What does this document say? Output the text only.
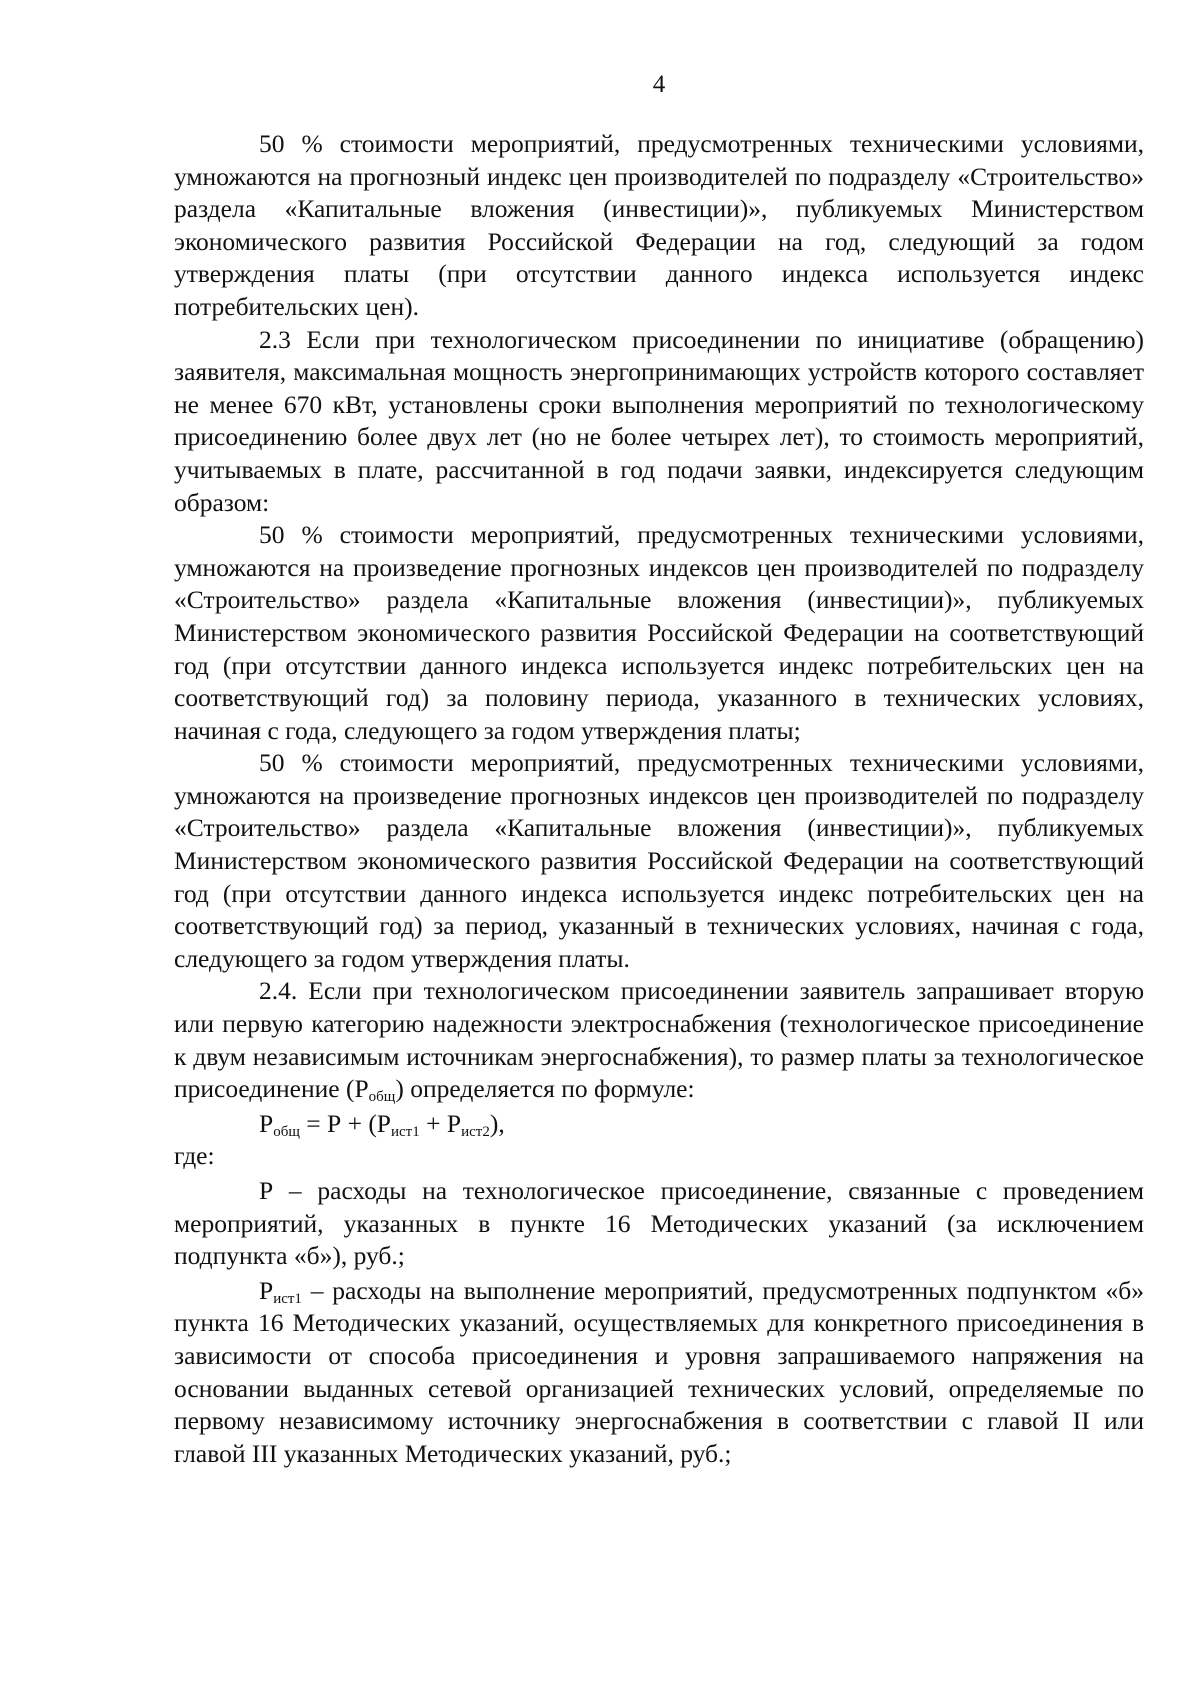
4

50 % стоимости мероприятий, предусмотренных техническими условиями, умножаются на прогнозный индекс цен производителей по подразделу «Строительство» раздела «Капитальные вложения (инвестиции)», публикуемых Министерством экономического развития Российской Федерации на год, следующий за годом утверждения платы (при отсутствии данного индекса используется индекс потребительских цен).

2.3 Если при технологическом присоединении по инициативе (обращению) заявителя, максимальная мощность энергопринимающих устройств которого составляет не менее 670 кВт, установлены сроки выполнения мероприятий по технологическому присоединению более двух лет (но не более четырех лет), то стоимость мероприятий, учитываемых в плате, рассчитанной в год подачи заявки, индексируется следующим образом:

50 % стоимости мероприятий, предусмотренных техническими условиями, умножаются на произведение прогнозных индексов цен производителей по подразделу «Строительство» раздела «Капитальные вложения (инвестиции)», публикуемых Министерством экономического развития Российской Федерации на соответствующий год (при отсутствии данного индекса используется индекс потребительских цен на соответствующий год) за половину периода, указанного в технических условиях, начиная с года, следующего за годом утверждения платы;

50 % стоимости мероприятий, предусмотренных техническими условиями, умножаются на произведение прогнозных индексов цен производителей по подразделу «Строительство» раздела «Капитальные вложения (инвестиции)», публикуемых Министерством экономического развития Российской Федерации на соответствующий год (при отсутствии данного индекса используется индекс потребительских цен на соответствующий год) за период, указанный в технических условиях, начиная с года, следующего за годом утверждения платы.

2.4. Если при технологическом присоединении заявитель запрашивает вторую или первую категорию надежности электроснабжения (технологическое присоединение к двум независимым источникам энергоснабжения), то размер платы за технологическое присоединение $(Р_{общ})$ определяется по формуле:

$Р_{общ} = Р + (Р_{ист1} + Р_{ист2})$,

где:

Р – расходы на технологическое присоединение, связанные с проведением мероприятий, указанных в пункте 16 Методических указаний (за исключением подпункта «б»), руб.;

$Р_{ист1}$ – расходы на выполнение мероприятий, предусмотренных подпунктом «б» пункта 16 Методических указаний, осуществляемых для конкретного присоединения в зависимости от способа присоединения и уровня запрашиваемого напряжения на основании выданных сетевой организацией технических условий, определяемые по первому независимому источнику энергоснабжения в соответствии с главой II или главой III указанных Методических указаний, руб.;
